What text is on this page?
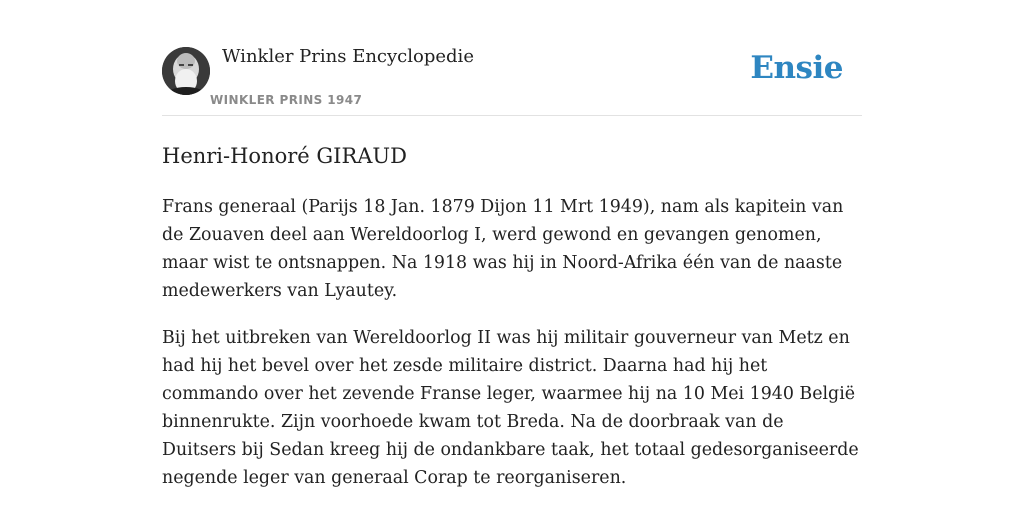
Winkler Prins Encyclopedie
WINKLER PRINS 1947
Ensie
Henri-Honoré GIRAUD

Frans generaal (Parijs 18 Jan. 1879 Dijon 11 Mrt 1949), nam als kapitein van de Zouaven deel aan Wereldoorlog I, werd gewond en gevangen genomen, maar wist te ontsnappen. Na 1918 was hij in Noord-Afrika één van de naaste medewerkers van Lyautey.

Bij het uitbreken van Wereldoorlog II was hij militair gouverneur van Metz en had hij het bevel over het zesde militaire district. Daarna had hij het commando over het zevende Franse leger, waarmee hij na 10 Mei 1940 België binnenrukte. Zijn voorhoede kwam tot Breda. Na de doorbraak van de Duitsers bij Sedan kreeg hij de ondankbare taak, het totaal gedesorganiseerde negende leger van generaal Corap te reorganiseren.
